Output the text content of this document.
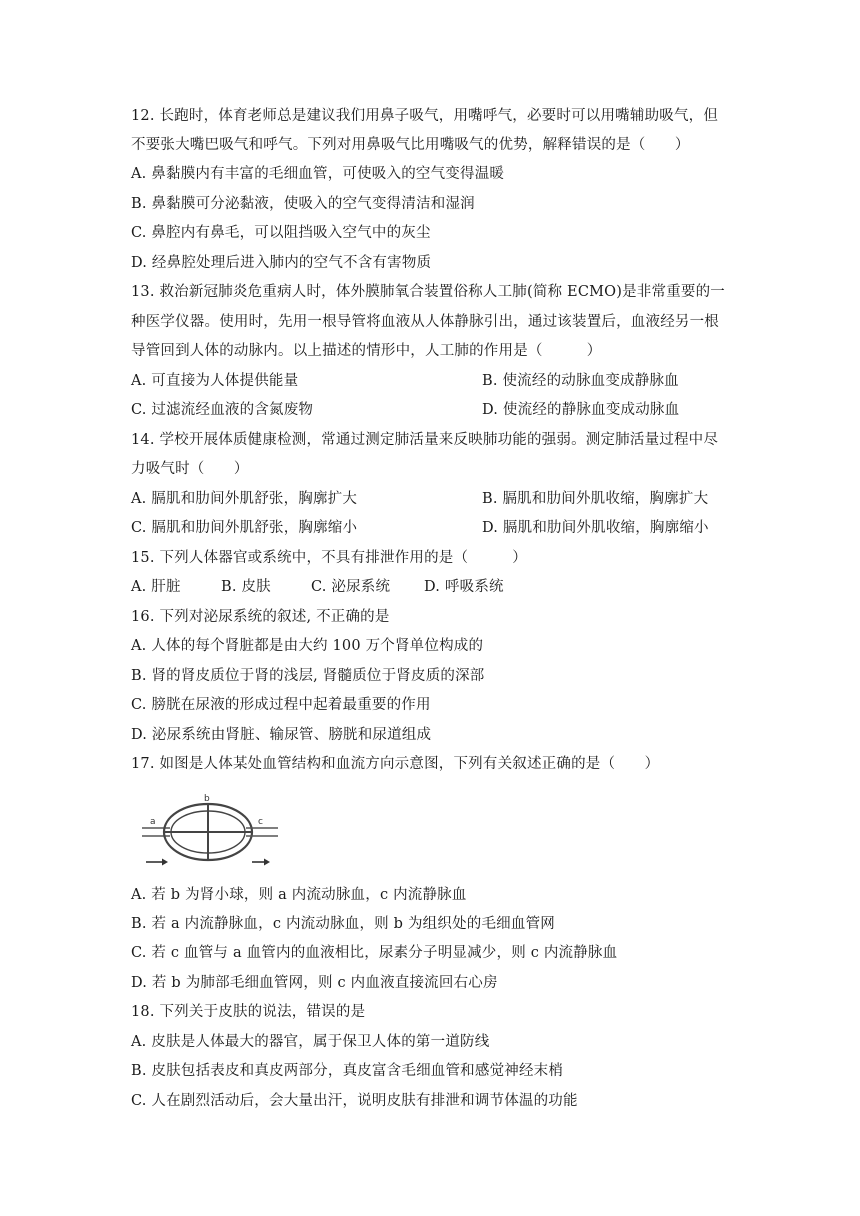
12. 长跑时，体育老师总是建议我们用鼻子吸气，用嘴呼气，必要时可以用嘴辅助吸气，但
不要张大嘴巴吸气和呼气。下列对用鼻吸气比用嘴吸气的优势，解释错误的是（　　）
A. 鼻黏膜内有丰富的毛细血管，可使吸入的空气变得温暖
B. 鼻黏膜可分泌黏液，使吸入的空气变得清洁和湿润
C. 鼻腔内有鼻毛，可以阻挡吸入空气中的灰尘
D. 经鼻腔处理后进入肺内的空气不含有害物质
13. 救治新冠肺炎危重病人时，体外膜肺氧合装置俗称人工肺(简称 ECMO)是非常重要的一
种医学仪器。使用时，先用一根导管将血液从人体静脉引出，通过该装置后，血液经另一根
导管回到人体的动脉内。以上描述的情形中，人工肺的作用是（　　　）
A. 可直接为人体提供能量	B. 使流经的动脉血变成静脉血
C. 过滤流经血液的含氮废物	D. 使流经的静脉血变成动脉血
14. 学校开展体质健康检测，常通过测定肺活量来反映肺功能的强弱。测定肺活量过程中尽
力吸气时（　　）
A. 膈肌和肋间外肌舒张，胸廓扩大	B. 膈肌和肋间外肌收缩，胸廓扩大
C. 膈肌和肋间外肌舒张，胸廓缩小	D. 膈肌和肋间外肌收缩，胸廓缩小
15. 下列人体器官或系统中，不具有排泄作用的是（　　　）
A. 肝脏	B. 皮肤	C. 泌尿系统 D. 呼吸系统
16. 下列对泌尿系统的叙述, 不正确的是
A. 人体的每个肾脏都是由大约 100 万个肾单位构成的
B. 肾的肾皮质位于肾的浅层, 肾髓质位于肾皮质的深部
C. 膀胱在尿液的形成过程中起着最重要的作用
D. 泌尿系统由肾脏、输尿管、膀胱和尿道组成
17. 如图是人体某处血管结构和血流方向示意图，下列有关叙述正确的是（　　）
a
b
c
A. 若 b 为肾小球，则 a 内流动脉血，c 内流静脉血
B. 若 a 内流静脉血，c 内流动脉血，则 b 为组织处的毛细血管网
C. 若 c 血管与 a 血管内的血液相比，尿素分子明显减少，则 c 内流静脉血
D. 若 b 为肺部毛细血管网，则 c 内血液直接流回右心房
18. 下列关于皮肤的说法，错误的是
A. 皮肤是人体最大的器官，属于保卫人体的第一道防线
B. 皮肤包括表皮和真皮两部分，真皮富含毛细血管和感觉神经末梢
C. 人在剧烈活动后，会大量出汗，说明皮肤有排泄和调节体温的功能
